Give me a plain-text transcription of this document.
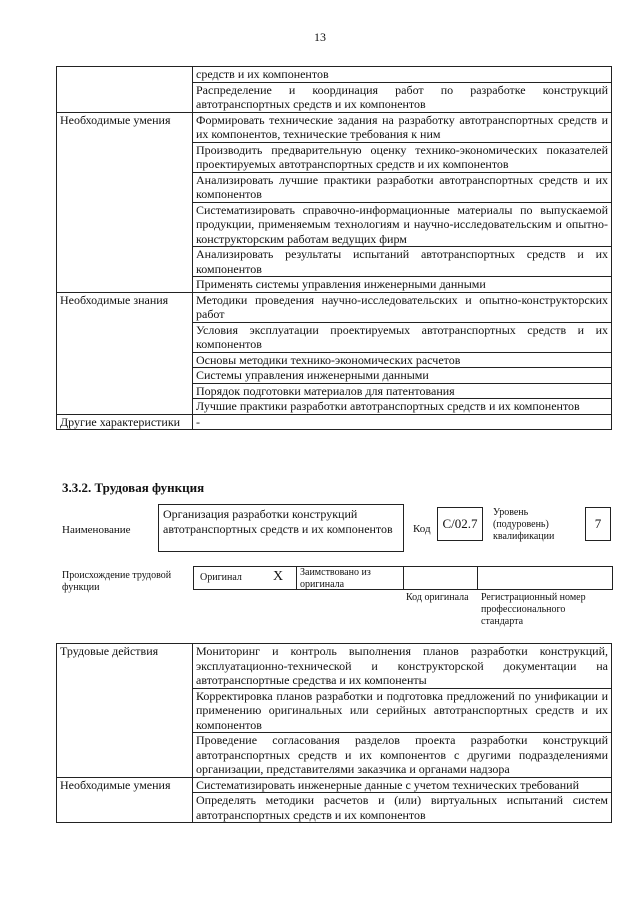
13
	средств и их компонентов
	Распределение и координация работ по разработке конструкций автотранспортных средств и их компонентов
Необходимые умения	Формировать технические задания на разработку автотранспортных средств и их компонентов, технические требования к ним
	Производить предварительную оценку технико-экономических показателей проектируемых автотранспортных средств и их компонентов
	Анализировать лучшие практики разработки автотранспортных средств и их компонентов
	Систематизировать справочно-информационные материалы по выпускаемой продукции, применяемым технологиям и научно-исследовательским и опытно-конструкторским работам ведущих фирм
	Анализировать результаты испытаний автотранспортных средств и их компонентов
	Применять системы управления инженерными данными
Необходимые знания	Методики проведения научно-исследовательских и опытно-конструкторских работ
	Условия эксплуатации проектируемых автотранспортных средств и их компонентов
	Основы методики технико-экономических расчетов
	Системы управления инженерными данными
	Порядок подготовки материалов для патентования
	Лучшие практики разработки автотранспортных средств и их компонентов
Другие характеристики	-
3.3.2. Трудовая функция
Наименование
Организация разработки конструкций автотранспортных средств и их компонентов	Код C/02.7
Уровень (подуровень) квалификации
7
Происхождение трудовой функции
Оригинал X Заимствовано из оригинала
Код оригинала	Регистрационный номер профессионального стандарта
Трудовые действия	Мониторинг и контроль выполнения планов разработки конструкций, эксплуатационно-технической и конструкторской документации на автотранспортные средства и их компоненты
	Корректировка планов разработки и подготовка предложений по унификации и применению оригинальных или серийных автотранспортных средств и их компонентов
	Проведение согласования разделов проекта разработки конструкций автотранспортных средств и их компонентов с другими подразделениями организации, представителями заказчика и органами надзора
Необходимые умения	Систематизировать инженерные данные с учетом технических требований
	Определять методики расчетов и (или) виртуальных испытаний систем автотранспортных средств и их компонентов
